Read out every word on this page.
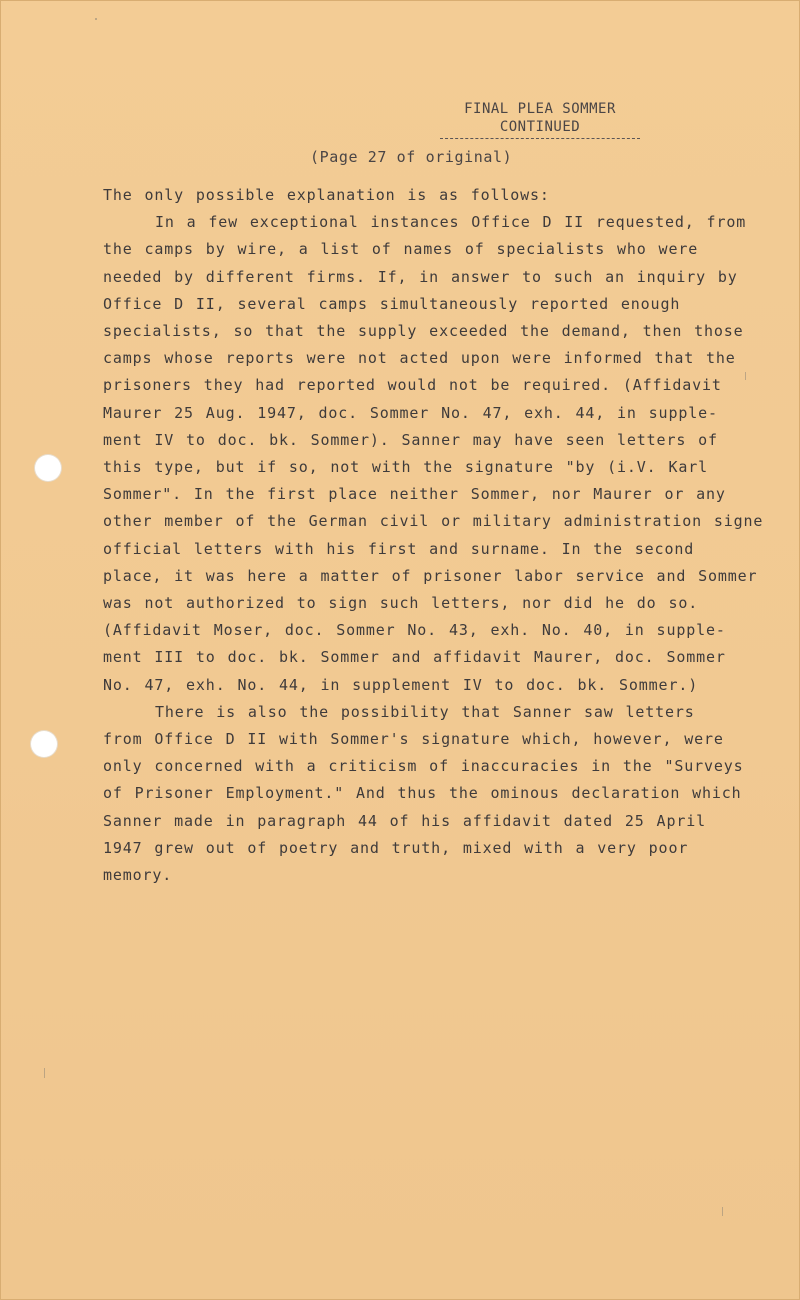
FINAL PLEA SOMMER
CONTINUED
(Page 27 of original)
The only possible explanation is as follows:
In a few exceptional instances Office D II requested, from
the camps by wire, a list of names of specialists who were
needed by different firms. If, in answer to such an inquiry by
Office D II, several camps simultaneously reported enough
specialists, so that the supply exceeded the demand, then those
camps whose reports were not acted upon were informed that the
prisoners they had reported would not be required. (Affidavit
Maurer 25 Aug. 1947, doc. Sommer No. 47, exh. 44, in supple-
ment IV to doc. bk. Sommer). Sanner may have seen letters of
this type, but if so, not with the signature "by (i.V. Karl
Sommer". In the first place neither Sommer, nor Maurer or any
other member of the German civil or military administration signe
official letters with his first and surname. In the second
place, it was here a matter of prisoner labor service and Sommer
was not authorized to sign such letters, nor did he do so.
(Affidavit Moser, doc. Sommer No. 43, exh. No. 40, in supple-
ment III to doc. bk. Sommer and affidavit Maurer, doc. Sommer
No. 47, exh. No. 44, in supplement IV to doc. bk. Sommer.)
There is also the possibility that Sanner saw letters
from Office D II with Sommer's signature which, however, were
only concerned with a criticism of inaccuracies in the "Surveys
of Prisoner Employment." And thus the ominous declaration which
Sanner made in paragraph 44 of his affidavit dated 25 April
1947 grew out of poetry and truth, mixed with a very poor
memory.
